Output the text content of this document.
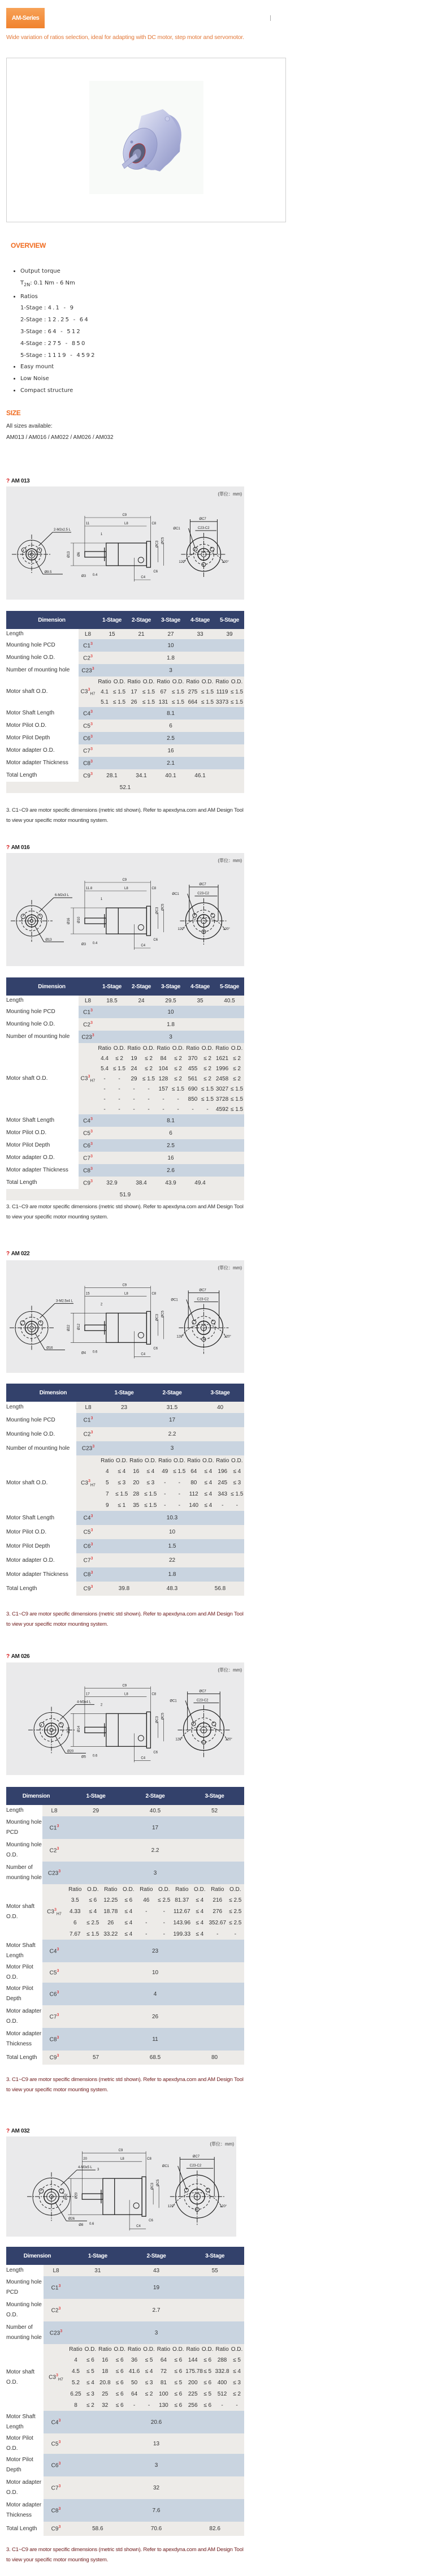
AM-Series
Wide variation of ratios selection, ideal for adapting with DC motor, step motor and servomotor.
OVERVIEW
• Output torque
$T_{2N}$: 0.1 Nm - 6 Nm
• Ratios
1-Stage : 4.1 - 9
2-Stage : 12.25 - 64
3-Stage : 64 - 512
4-Stage : 275 - 850
5-Stage : 1119 - 4592
• Easy mount
• Low Noise
• Compact structure
SIZE
All sizes available:
AM013 / AM016 / AM022 / AM026 / AM032
? AM 013
(單位：mm)
2-M2x2.5 L
Ø9.5
C9
L8
11	C8
1
Ø13 Ø6
Ø3 0.4
C4
C6
ØC3 ØC5
ØC7
C23-C2
ØC1
120°	120°
Dimension	1-Stage	2-Stage	3-Stage	4-Stage	5-Stage
Length	L8	15	21	27	33	39
Mounting hole PCD	$C1^3$	10
Mounting hole O.D.	$C2^3$	1.8
Number of mounting hole	$C23^3$	3
Motor shaft O.D.	$C3^3_{H7}$	
Ratio	O.D.	Ratio	O.D.	Ratio	O.D.	Ratio	O.D.	Ratio	O.D.
4.1	≤ 1.5	17	≤ 1.5	67	≤ 1.5	275	≤ 1.5	1119	≤ 1.5
5.1	≤ 1.5	26	≤ 1.5	131	≤ 1.5	664	≤ 1.5	3373	≤ 1.5

Motor Shaft Length	$C4^3$	8.1
Motor Pilot O.D.	$C5^3$	6
Motor Pilot Depth	$C6^3$	2.5
Motor adapter O.D.	$C7^3$	16
Motor adapter Thickness	$C8^3$	2.1
Total Length	$C9^3$	28.1	34.1	40.1	46.1	
52.1
3. C1~C9 are motor specific dimensions (metric std shown). Refer to apexdyna.com and AM Design Tool to view your specific motor mounting system.
? AM 016
(單位：mm)
6-M2x3 L
Ø13
C9
L8
11.8	C8
1
Ø16 Ø10
Ø3 0.4
C4
C6
ØC3 ØC5
ØC7
C23-C2
ØC1
120°	120°
Dimension	1-Stage	2-Stage	3-Stage	4-Stage	5-Stage
Length	L8	18.5	24	29.5	35	40.5
Mounting hole PCD	$C1^3$	10
Mounting hole O.D.	$C2^3$	1.8
Number of mounting hole	$C23^3$	3
Motor shaft O.D.	$C3^3_{H7}$	
Ratio	O.D.	Ratio	O.D.	Ratio	O.D.	Ratio	O.D.	Ratio	O.D.
4.4	≤ 2	19	≤ 2	84	≤ 2	370	≤ 2	1621	≤ 2
5.4	≤ 1.5	24	≤ 2	104	≤ 2	455	≤ 2	1996	≤ 2
-	-	29	≤ 1.5	128	≤ 2	561	≤ 2	2458	≤ 2
-	-	-	-	157	≤ 1.5	690	≤ 1.5	3027	≤ 1.5
-	-	-	-	-	-	850	≤ 1.5	3728	≤ 1.5
-	-	-	-	-	-	-	-	4592	≤ 1.5

Motor Shaft Length	$C4^3$	8.1
Motor Pilot O.D.	$C5^3$	6
Motor Pilot Depth	$C6^3$	2.5
Motor adapter O.D.	$C7^3$	16
Motor adapter Thickness	$C8^3$	2.6
Total Length	$C9^3$	32.9	38.4	43.9	49.4	
51.9
3. C1~C9 are motor specific dimensions (metric std shown). Refer to apexdyna.com and AM Design Tool to view your specific motor mounting system.
? AM 022
(單位：mm)
3-M2.5x4 L
Ø16
C9
L8
15	C8
2
Ø22 Ø12
Ø4 0.6
C4
C6
ØC3 ØC5
ØC7
C23-C2
ØC1
120°	120°
Dimension	1-Stage	2-Stage	3-Stage
Length	L8	23	31.5	40
Mounting hole PCD	$C1^3$	17
Mounting hole O.D.	$C2^3$	2.2
Number of mounting hole	$C23^3$	3
Motor shaft O.D.	$C3^3_{H7}$	
Ratio	O.D.	Ratio	O.D.	Ratio	O.D.	Ratio	O.D.	Ratio	O.D.
4	≤ 4	16	≤ 4	49	≤ 1.5	64	≤ 4	196	≤ 4
5	≤ 3	20	≤ 3	-	-	80	≤ 4	245	≤ 3
7	≤ 1.5	28	≤ 1.5	-	-	112	≤ 4	343	≤ 1.5
9	≤ 1	35	≤ 1.5	-	-	140	≤ 4	-	-

Motor Shaft Length	$C4^3$	10.3
Motor Pilot O.D.	$C5^3$	10
Motor Pilot Depth	$C6^3$	1.5
Motor adapter O.D.	$C7^3$	22
Motor adapter Thickness	$C8^3$	1.8
Total Length	$C9^3$	39.8	48.3	56.8
3. C1~C9 are motor specific dimensions (metric std shown). Refer to apexdyna.com and AM Design Tool to view your specific motor mounting system.
? AM 026
(單位：mm)
4-M3x4 L
Ø20
C9
L8
17	C8
2
Ø26 Ø14
Ø5 0.6
C4
C6
ØC3 ØC5
ØC7
C23-C2
ØC1
120°	120°
Dimension	1-Stage	2-Stage	3-Stage
Length	L8	29	40.5	52
Mounting hole PCD	$C1^3$	17
Mounting hole O.D.	$C2^3$	2.2
Number of mounting hole	$C23^3$	3
Motor shaft O.D.	$C3^3_{H7}$	
Ratio	O.D.	Ratio	O.D.	Ratio	O.D.	Ratio	O.D.	Ratio	O.D.
3.5	≤ 6	12.25	≤ 6	46	≤ 2.5	81.37	≤ 4	216	≤ 2.5
4.33	≤ 4	18.78	≤ 4	-	-	112.67	≤ 4	276	≤ 2.5
6	≤ 2.5	26	≤ 4	-	-	143.96	≤ 4	352.67	≤ 2.5
7.67	≤ 1.5	33.22	≤ 4	-	-	199.33	≤ 4	-	-

Motor Shaft Length	$C4^3$	23
Motor Pilot O.D.	$C5^3$	10
Motor Pilot Depth	$C6^3$	4
Motor adapter O.D.	$C7^3$	26
Motor adapter Thickness	$C8^3$	11
Total Length	$C9^3$	57	68.5	80
3. C1~C9 are motor specific dimensions (metric std shown). Refer to apexdyna.com and AM Design Tool to view your specific motor mounting system.
? AM 032
(單位：mm)
4-M3x5 L
Ø26
C9
L8
20	C8
3
Ø32 Ø20
Ø8 0.6
C4
C6
ØC3 ØC5
ØC7
C23-C2
ØC1
120°	120°
Dimension	1-Stage	2-Stage	3-Stage
Length	L8	31	43	55
Mounting hole PCD	$C1^3$	19
Mounting hole O.D.	$C2^3$	2.7
Number of mounting hole	$C23^3$	3
Motor shaft O.D.	$C3^3_{H7}$	
Ratio	O.D.	Ratio	O.D.	Ratio	O.D.	Ratio	O.D.	Ratio	O.D.	Ratio	O.D.
4	≤ 6	16	≤ 6	36	≤ 5	64	≤ 6	144	≤ 6	288	≤ 5
4.5	≤ 5	18	≤ 6	41.6	≤ 4	72	≤ 6	175.78	≤ 5	332.8	≤ 4
5.2	≤ 4	20.8	≤ 6	50	≤ 3	81	≤ 5	200	≤ 6	400	≤ 3
6.25	≤ 3	25	≤ 6	64	≤ 2	100	≤ 6	225	≤ 5	512	≤ 2
8	≤ 2	32	≤ 6	-	-	130	≤ 6	256	≤ 6	-	-

Motor Shaft Length	$C4^3$	20.6
Motor Pilot O.D.	$C5^3$	13
Motor Pilot Depth	$C6^3$	3
Motor adapter O.D.	$C7^3$	32
Motor adapter Thickness	$C8^3$	7.6
Total Length	$C9^3$	58.6	70.6	82.6
3. C1~C9 are motor specific dimensions (metric std shown). Refer to apexdyna.com and AM Design Tool to view your specific motor mounting system.
